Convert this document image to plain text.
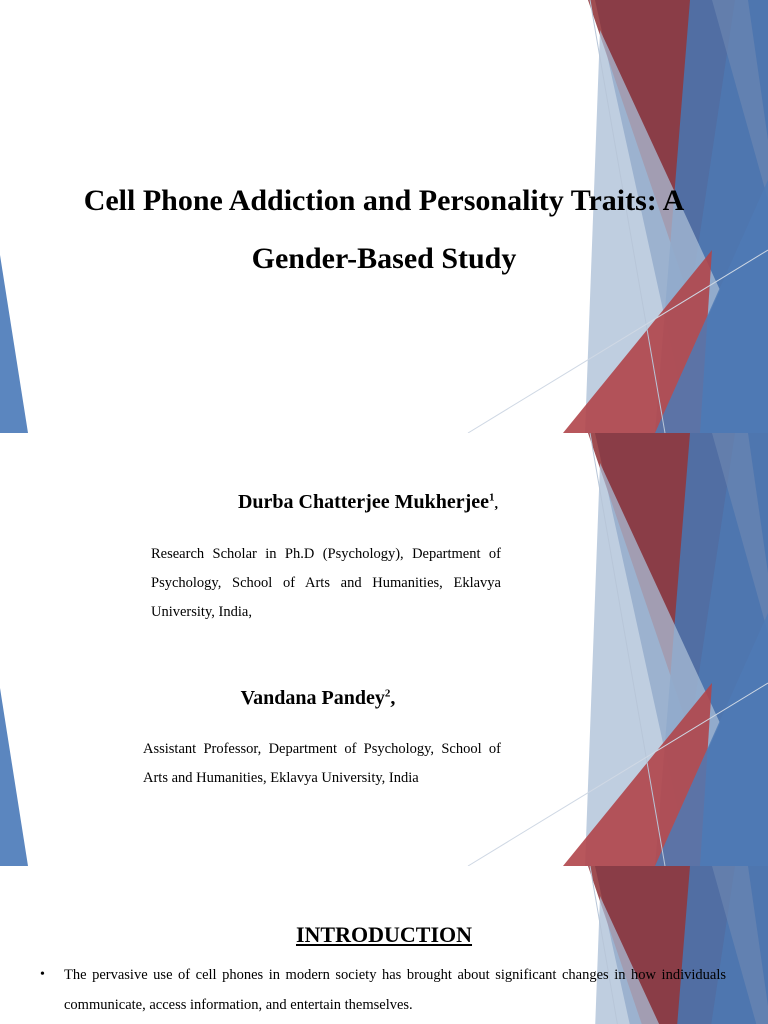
Cell Phone Addiction and Personality Traits: A
Gender-Based Study

Durba Chatterjee Mukherjee$^1$,

Research Scholar in Ph.D (Psychology), Department of Psychology, School of Arts and Humanities, Eklavya University, India,

Vandana Pandey$^2$,

Assistant Professor, Department of Psychology, School of Arts and Humanities, Eklavya University, India

INTRODUCTION
• The pervasive use of cell phones in modern society has brought about significant changes in how individuals communicate, access information, and entertain themselves.
